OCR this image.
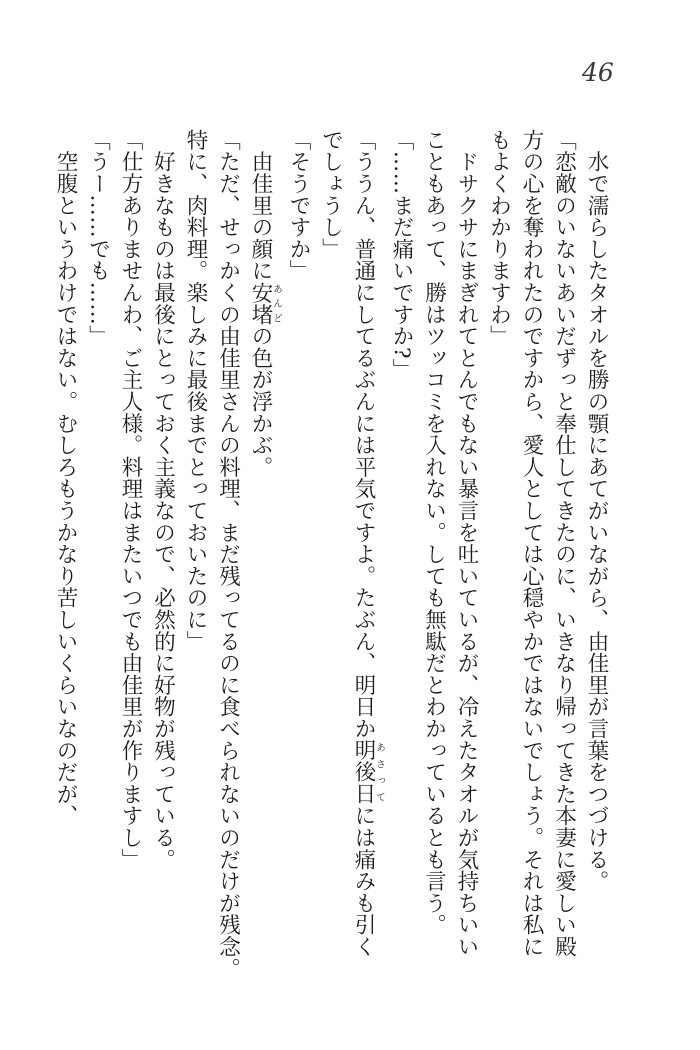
46
　水で濡らしたタオルを勝の顎にあてがいながら、由佳里が言葉をつづける。
「恋敵のいないあいだずっと奉仕してきたのに、いきなり帰ってきた本妻に愛しい殿
方の心を奪われたのですから、愛人としては心穏やかではないでしょう。それは私に
もよくわかりますわ」
　ドサクサにまぎれてとんでもない暴言を吐いているが、冷えたタオルが気持ちいい
こともあって、勝はツッコミを入れない。しても無駄だとわかっているとも言う。
「……まだ痛いですか?」
「ううん、普通にしてるぶんには平気ですよ。たぶん、明日か明後日あさってには痛みも引く
でしょうし」
「そうですか」
　由佳里の顔に安堵あんどの色が浮かぶ。
「ただ、せっかくの由佳里さんの料理、まだ残ってるのに食べられないのだけが残念。
特に、肉料理。楽しみに最後までとっておいたのに」
　好きなものは最後にとっておく主義なので、必然的に好物が残っている。
「仕方ありませんわ、ご主人様。料理はまたいつでも由佳里が作りますし」
「うー……でも……」
　空腹というわけではない。むしろもうかなり苦しいくらいなのだが、
